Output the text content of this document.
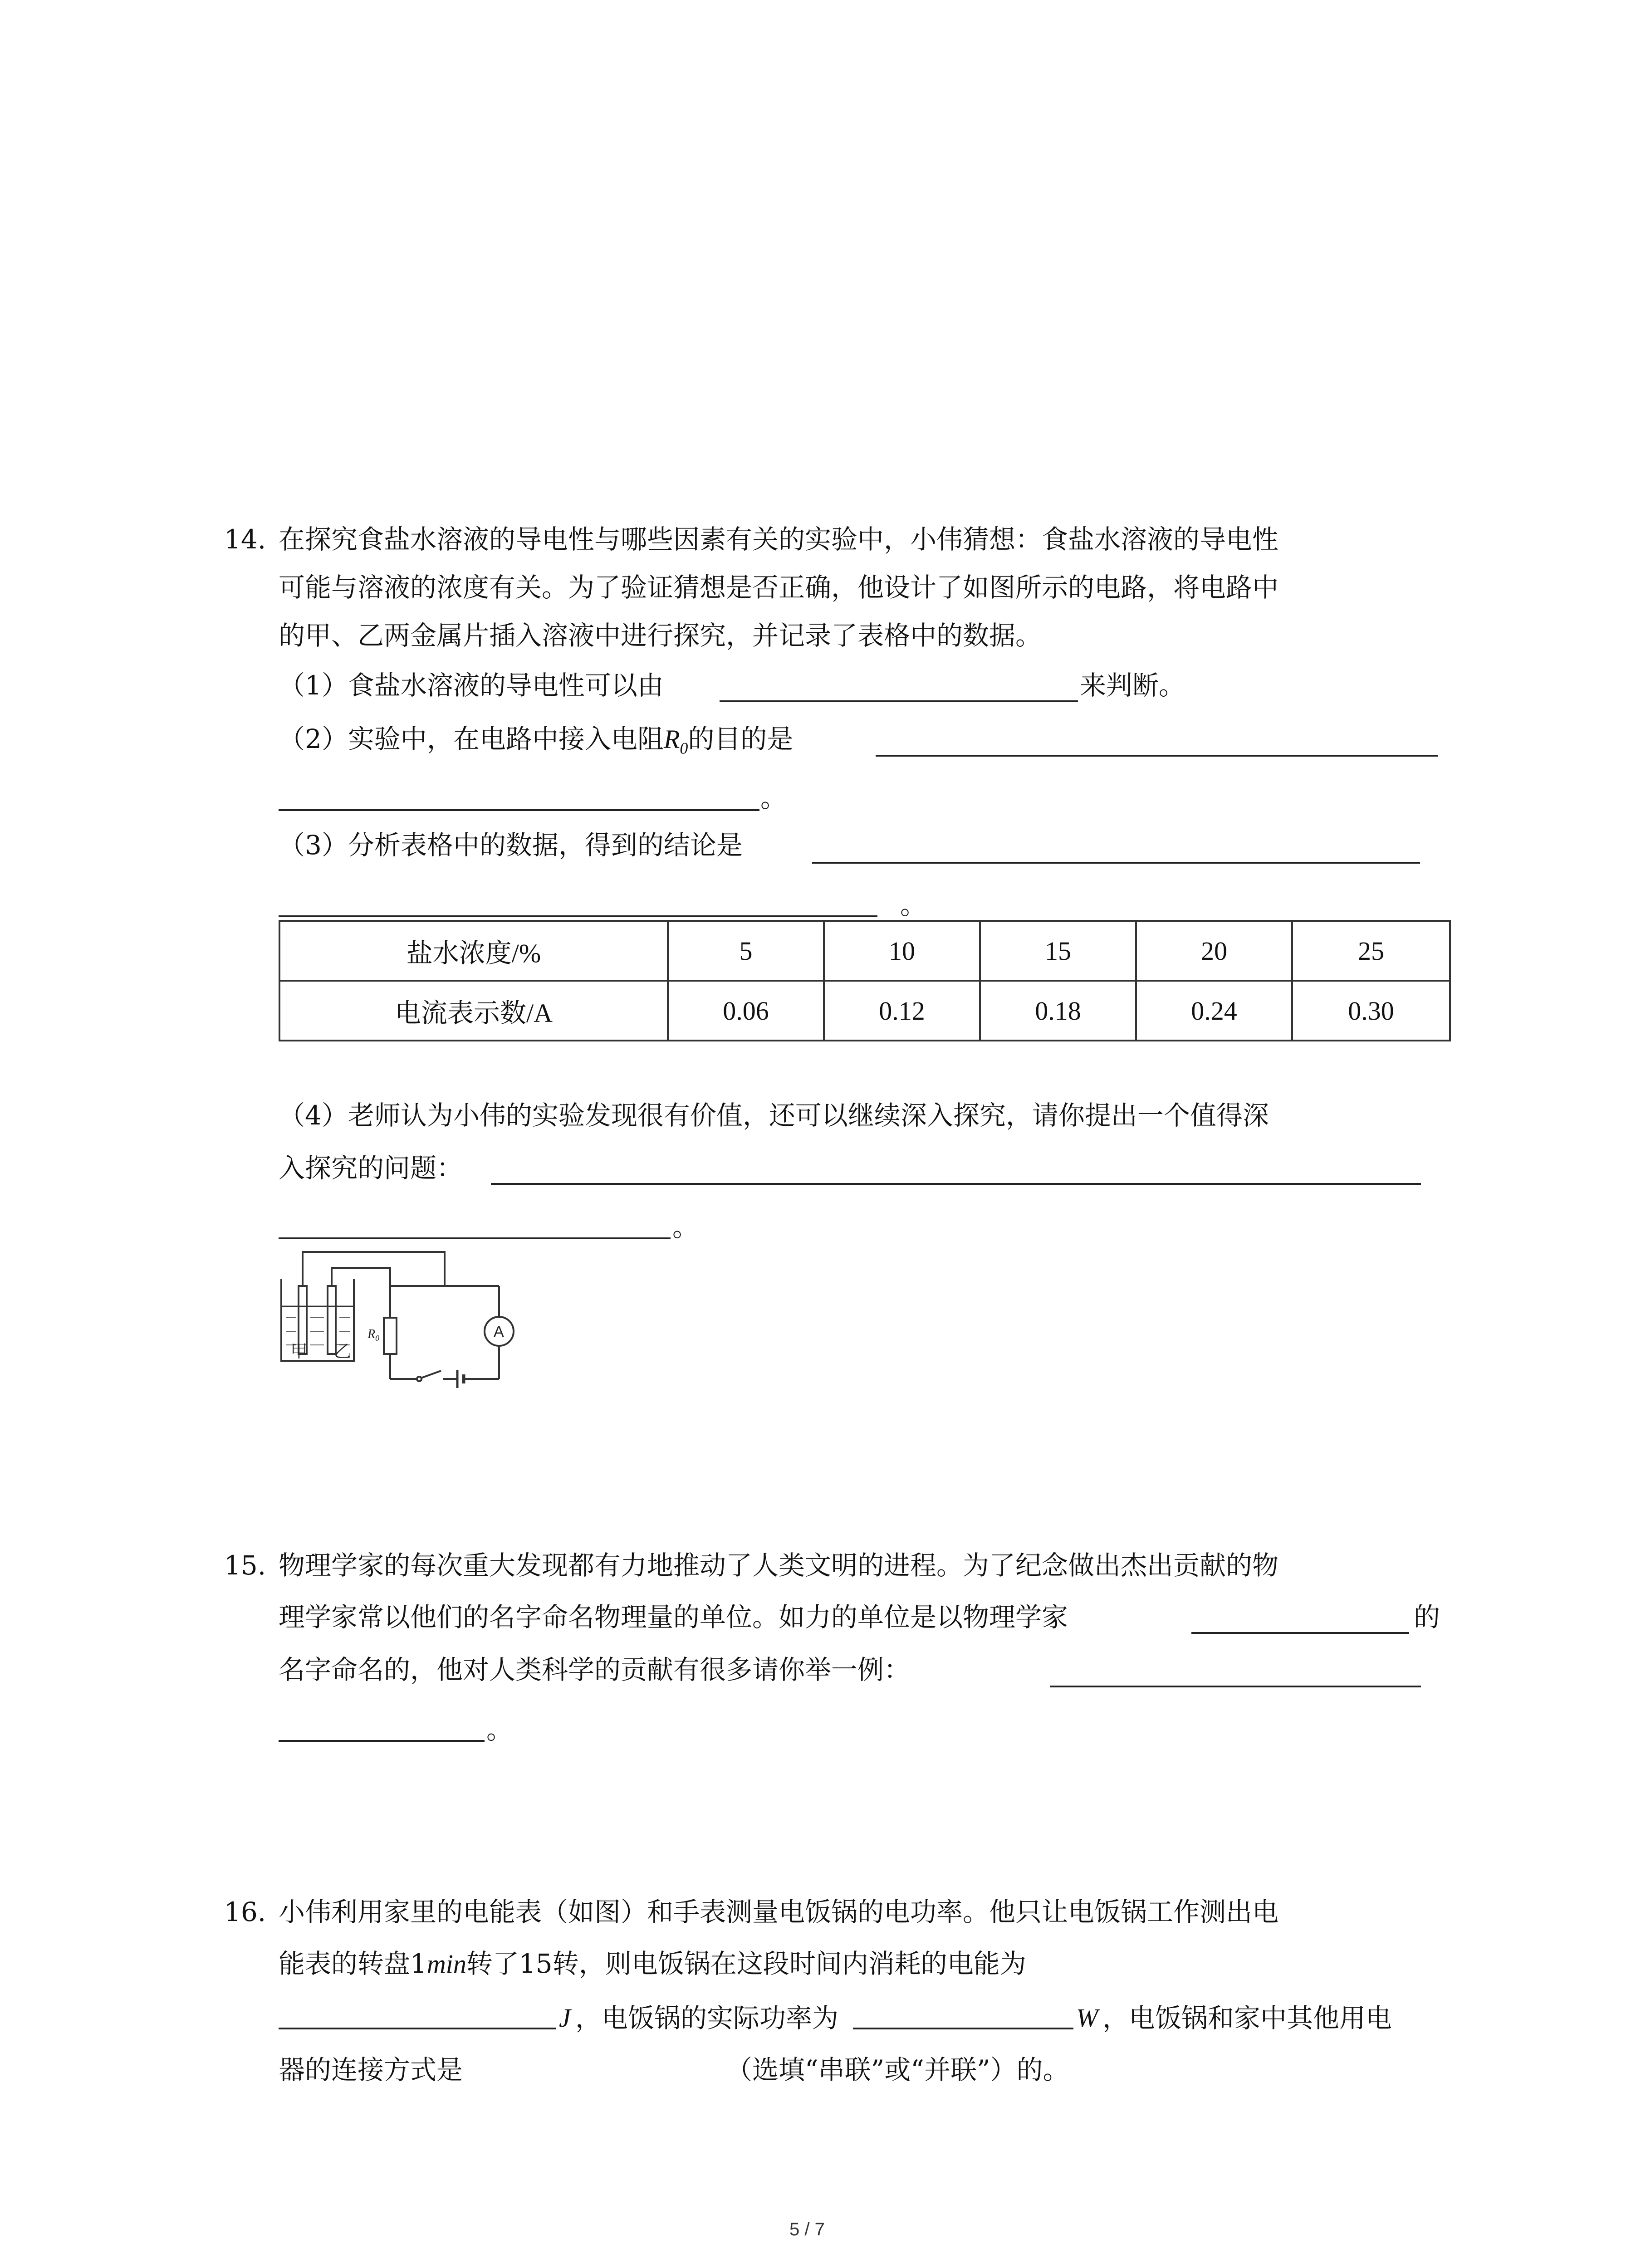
14. 在探究食盐水溶液的导电性与哪些因素有关的实验中，小伟猜想：食盐水溶液的导电性
可能与溶液的浓度有关。为了验证猜想是否正确，他设计了如图所示的电路，将电路中
的甲、乙两金属片插入溶液中进行探究，并记录了表格中的数据。
（1）食盐水溶液的导电性可以由	来判断。
（2）实验中，在电路中接入电阻$R_0$的目的是
。
（3）分析表格中的数据，得到的结论是
。
盐水浓度/%	5	10	15	20	25
电流表示数/A	0.06	0.12	0.18	0.24	0.30
（4）老师认为小伟的实验发现很有价值，还可以继续深入探究，请你提出一个值得深
入探究的问题：
。
甲 乙
$R_0$	A
15. 物理学家的每次重大发现都有力地推动了人类文明的进程。为了纪念做出杰出贡献的物
理学家常以他们的名字命名物理量的单位。如力的单位是以物理学家	的
名字命名的，他对人类科学的贡献有很多请你举一例：
。
16. 小伟利用家里的电能表（如图）和手表测量电饭锅的电功率。他只让电饭锅工作测出电
能表的转盘1min转了15转，则电饭锅在这段时间内消耗的电能为
J ，电饭锅的实际功率为	W ，电饭锅和家中其他用电
器的连接方式是	（选填“串联”或“并联”）的。
5 / 7
